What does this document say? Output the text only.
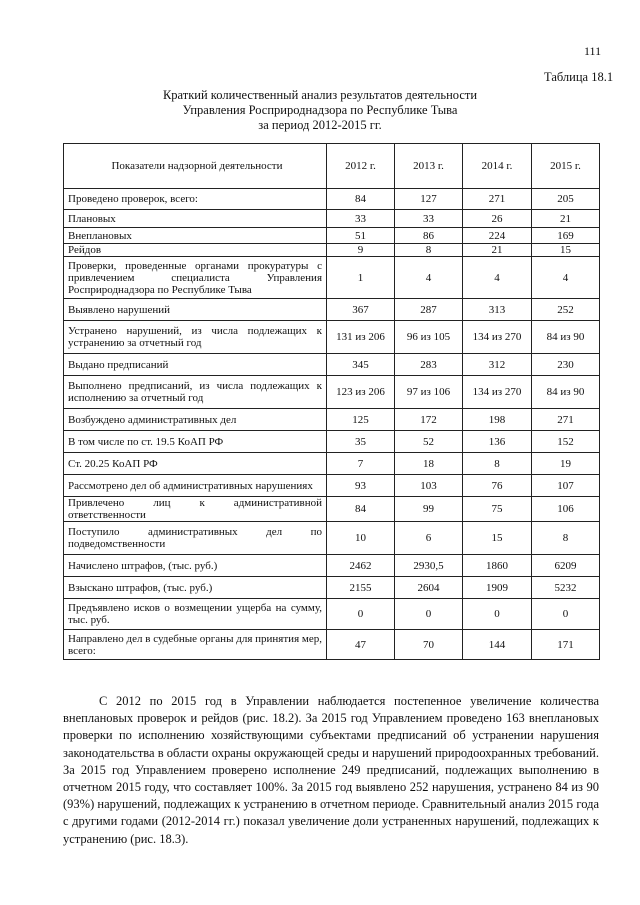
111
Таблица 18.1
Краткий количественный анализ результатов деятельности
Управления Росприроднадзора по Республике Тыва
за период 2012-2015 гг.
Показатели надзорной деятельности	2012 г.	2013 г.	2014 г.	2015 г.
Проведено проверок, всего:	84	127	271	205
Плановых	33	33	26	21
Внеплановых	51	86	224	169
Рейдов	9	8	21	15
Проверки, проведенные органами прокуратуры с привлечением специалиста Управления Росприроднадзора по Республике Тыва	1	4	4	4
Выявлено нарушений	367	287	313	252
Устранено нарушений, из числа подлежащих к устранению за отчетный год	131 из 206	96 из 105	134 из 270	84 из 90
Выдано предписаний	345	283	312	230
Выполнено предписаний, из числа подлежащих к исполнению за отчетный год	123 из 206	97 из 106	134 из 270	84 из 90
Возбуждено административных дел	125	172	198	271
В том числе по ст. 19.5 КоАП РФ	35	52	136	152
Ст. 20.25 КоАП РФ	7	18	8	19
Рассмотрено дел об административных нарушениях	93	103	76	107
Привлечено лиц к административной ответственности	84	99	75	106
Поступило административных дел по подведомственности	10	6	15	8
Начислено штрафов, (тыс. руб.)	2462	2930,5	1860	6209
Взыскано штрафов, (тыс. руб.)	2155	2604	1909	5232
Предъявлено исков о возмещении ущерба на сумму, тыс. руб.	0	0	0	0
Направлено дел в судебные органы для принятия мер, всего:	47	70	144	171
С 2012 по 2015 год в Управлении наблюдается постепенное увеличение количества внеплановых проверок и рейдов (рис. 18.2). За 2015 год Управлением проведено 163 внеплановых проверки по исполнению хозяйствующими субъектами предписаний об устранении нарушения законодательства в области охраны окружающей среды и нарушений природоохранных требований. За 2015 год Управлением проверено исполнение 249 предписаний, подлежащих выполнению в отчетном 2015 году, что составляет 100%. За 2015 год выявлено 252 нарушения, устранено 84 из 90 (93%) нарушений, подлежащих к устранению в отчетном периоде. Сравнительный анализ 2015 года с другими годами (2012-2014 гг.) показал увеличение доли устраненных нарушений, подлежащих к устранению (рис. 18.3).
